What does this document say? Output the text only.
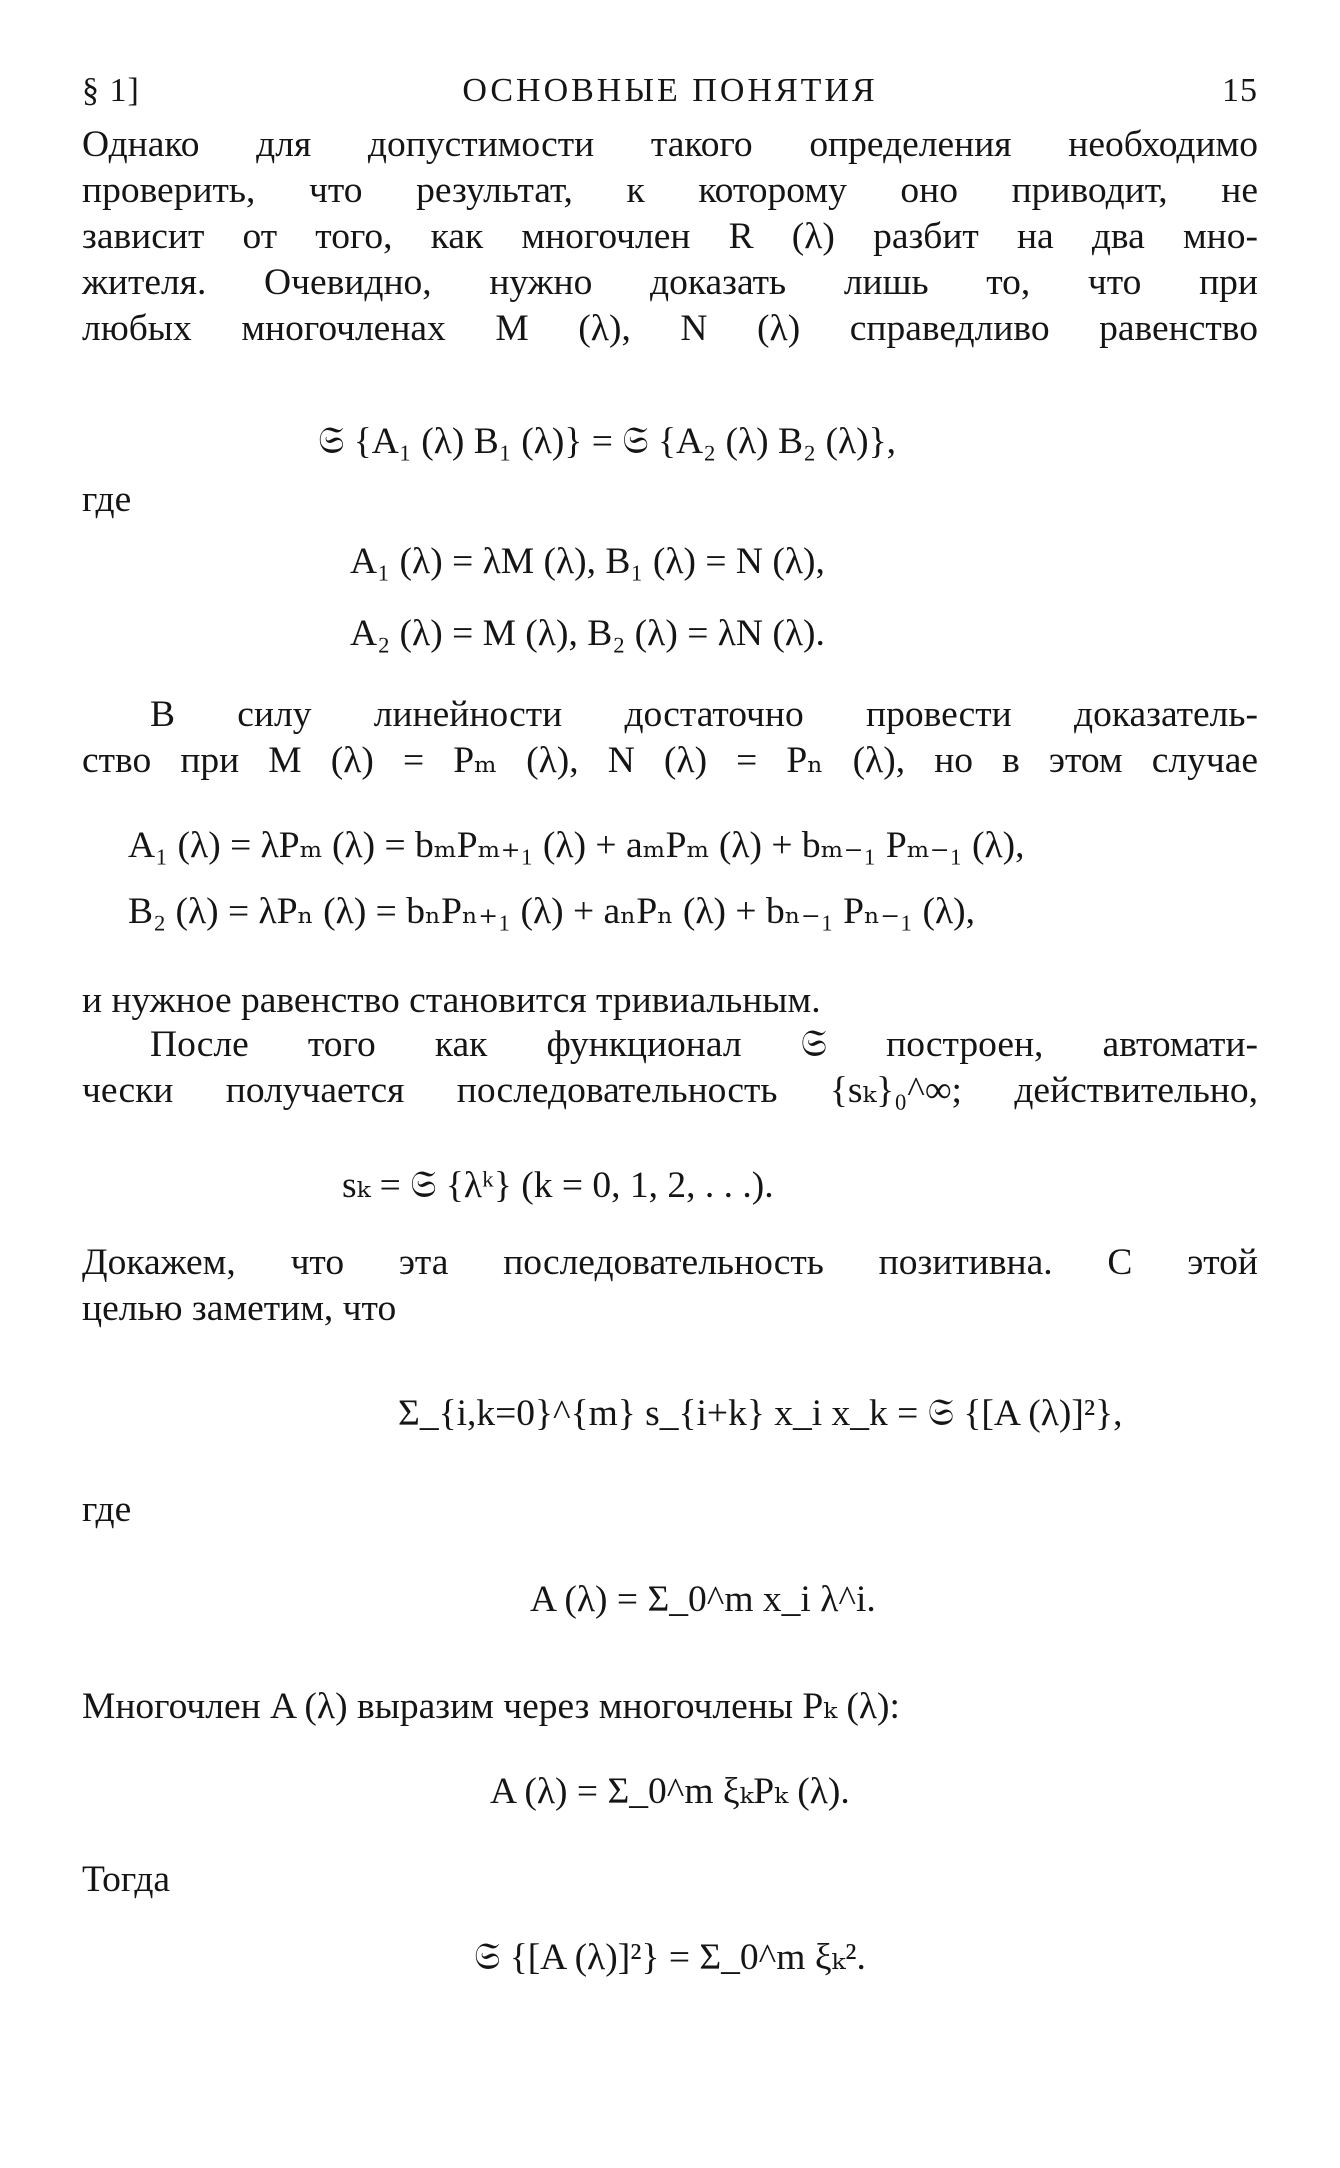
§ 1]	ОСНОВНЫЕ ПОНЯТИЯ	15
Однако для допустимости такого определения необходимо
проверить, что результат, к которому оно приводит, не
зависит от того, как многочлен R (λ) разбит на два мно-
жителя. Очевидно, нужно доказать лишь то, что при
любых многочленах M (λ), N (λ) справедливо равенство
𝔖 {A₁ (λ) B₁ (λ)} = 𝔖 {A₂ (λ) B₂ (λ)},
где
A₁ (λ) = λM (λ), B₁ (λ) = N (λ),
A₂ (λ) = M (λ), B₂ (λ) = λN (λ).
В силу линейности достаточно провести доказатель-
ство при M (λ) = Pₘ (λ), N (λ) = Pₙ (λ), но в этом случае
A₁ (λ) = λPₘ (λ) = bₘPₘ₊₁ (λ) + aₘPₘ (λ) + bₘ₋₁ Pₘ₋₁ (λ),
B₂ (λ) = λPₙ (λ) = bₙPₙ₊₁ (λ) + aₙPₙ (λ) + bₙ₋₁ Pₙ₋₁ (λ),
и нужное равенство становится тривиальным.
После того как функционал 𝔖 построен, автомати-
чески получается последовательность {sₖ}₀^∞; действительно,
sₖ = 𝔖 {λᵏ} (k = 0, 1, 2, . . .).
Докажем, что эта последовательность позитивна. С этой
целью заметим, что
Σ_{i,k=0}^{m} s_{i+k} x_i x_k = 𝔖 {[A (λ)]²},
где
A (λ) = Σ_0^m x_i λ^i.
Многочлен A (λ) выразим через многочлены Pₖ (λ):
A (λ) = Σ_0^m ξₖPₖ (λ).
Тогда
𝔖 {[A (λ)]²} = Σ_0^m ξₖ².
